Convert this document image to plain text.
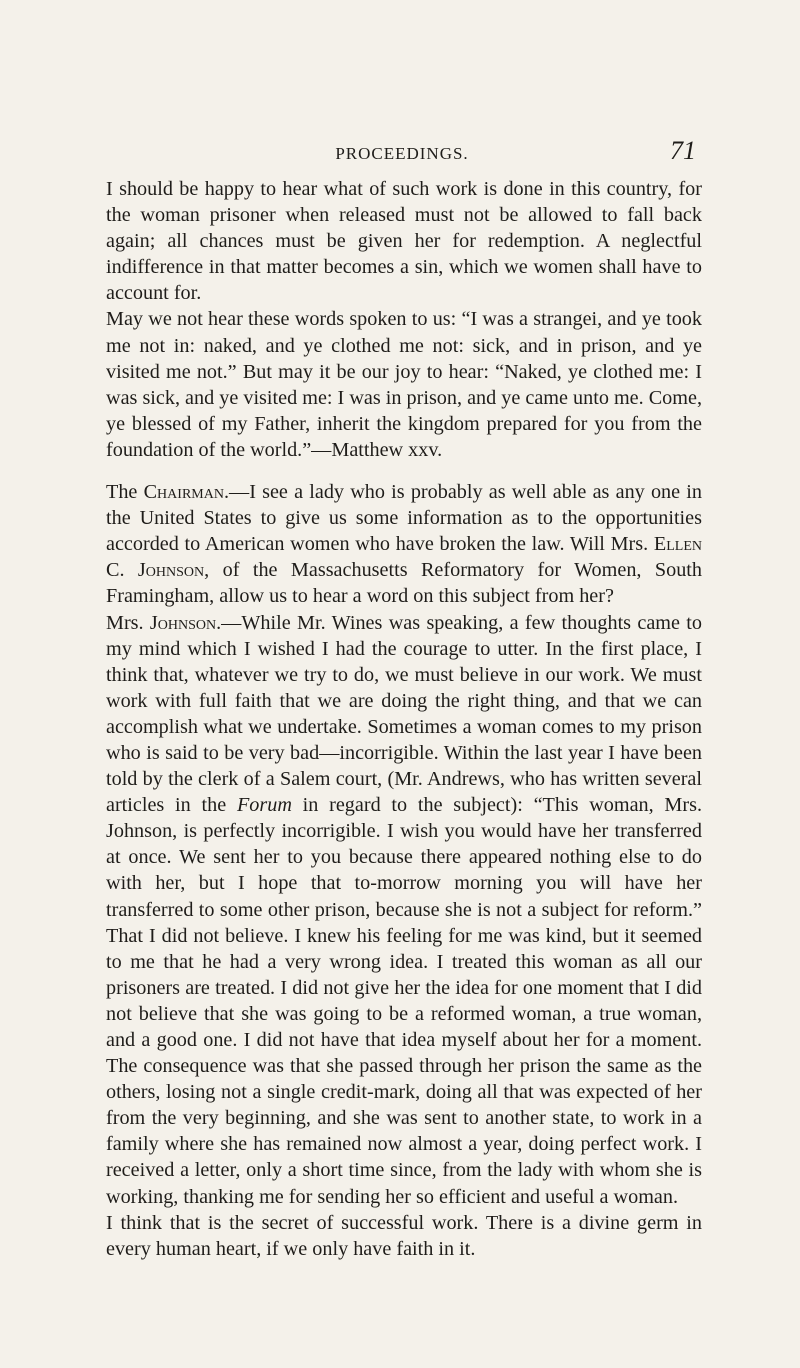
PROCEEDINGS.	71

I should be happy to hear what of such work is done in this country, for the woman prisoner when released must not be allowed to fall back again; all chances must be given her for redemption. A neglectful indifference in that matter becomes a sin, which we women shall have to account for.

May we not hear these words spoken to us: “I was a strangei, and ye took me not in: naked, and ye clothed me not: sick, and in prison, and ye visited me not.” But may it be our joy to hear: “Naked, ye clothed me: I was sick, and ye visited me: I was in prison, and ye came unto me. Come, ye blessed of my Father, inherit the kingdom prepared for you from the foundation of the world.”—Matthew xxv.

The Chairman.—I see a lady who is probably as well able as any one in the United States to give us some information as to the opportunities accorded to American women who have broken the law. Will Mrs. Ellen C. Johnson, of the Massachusetts Reformatory for Women, South Framingham, allow us to hear a word on this subject from her?

Mrs. Johnson.—While Mr. Wines was speaking, a few thoughts came to my mind which I wished I had the courage to utter. In the first place, I think that, whatever we try to do, we must believe in our work. We must work with full faith that we are doing the right thing, and that we can accomplish what we undertake. Sometimes a woman comes to my prison who is said to be very bad—incorrigible. Within the last year I have been told by the clerk of a Salem court, (Mr. Andrews, who has written several articles in the Forum in regard to the subject): “This woman, Mrs. Johnson, is perfectly incorrigible. I wish you would have her transferred at once. We sent her to you because there appeared nothing else to do with her, but I hope that to-morrow morning you will have her transferred to some other prison, because she is not a subject for reform.” That I did not believe. I knew his feeling for me was kind, but it seemed to me that he had a very wrong idea. I treated this woman as all our prisoners are treated. I did not give her the idea for one moment that I did not believe that she was going to be a reformed woman, a true woman, and a good one. I did not have that idea myself about her for a moment. The consequence was that she passed through her prison the same as the others, losing not a single credit-mark, doing all that was expected of her from the very beginning, and she was sent to another state, to work in a family where she has remained now almost a year, doing perfect work. I received a letter, only a short time since, from the lady with whom she is working, thanking me for sending her so efficient and useful a woman.

I think that is the secret of successful work. There is a divine germ in every human heart, if we only have faith in it.
